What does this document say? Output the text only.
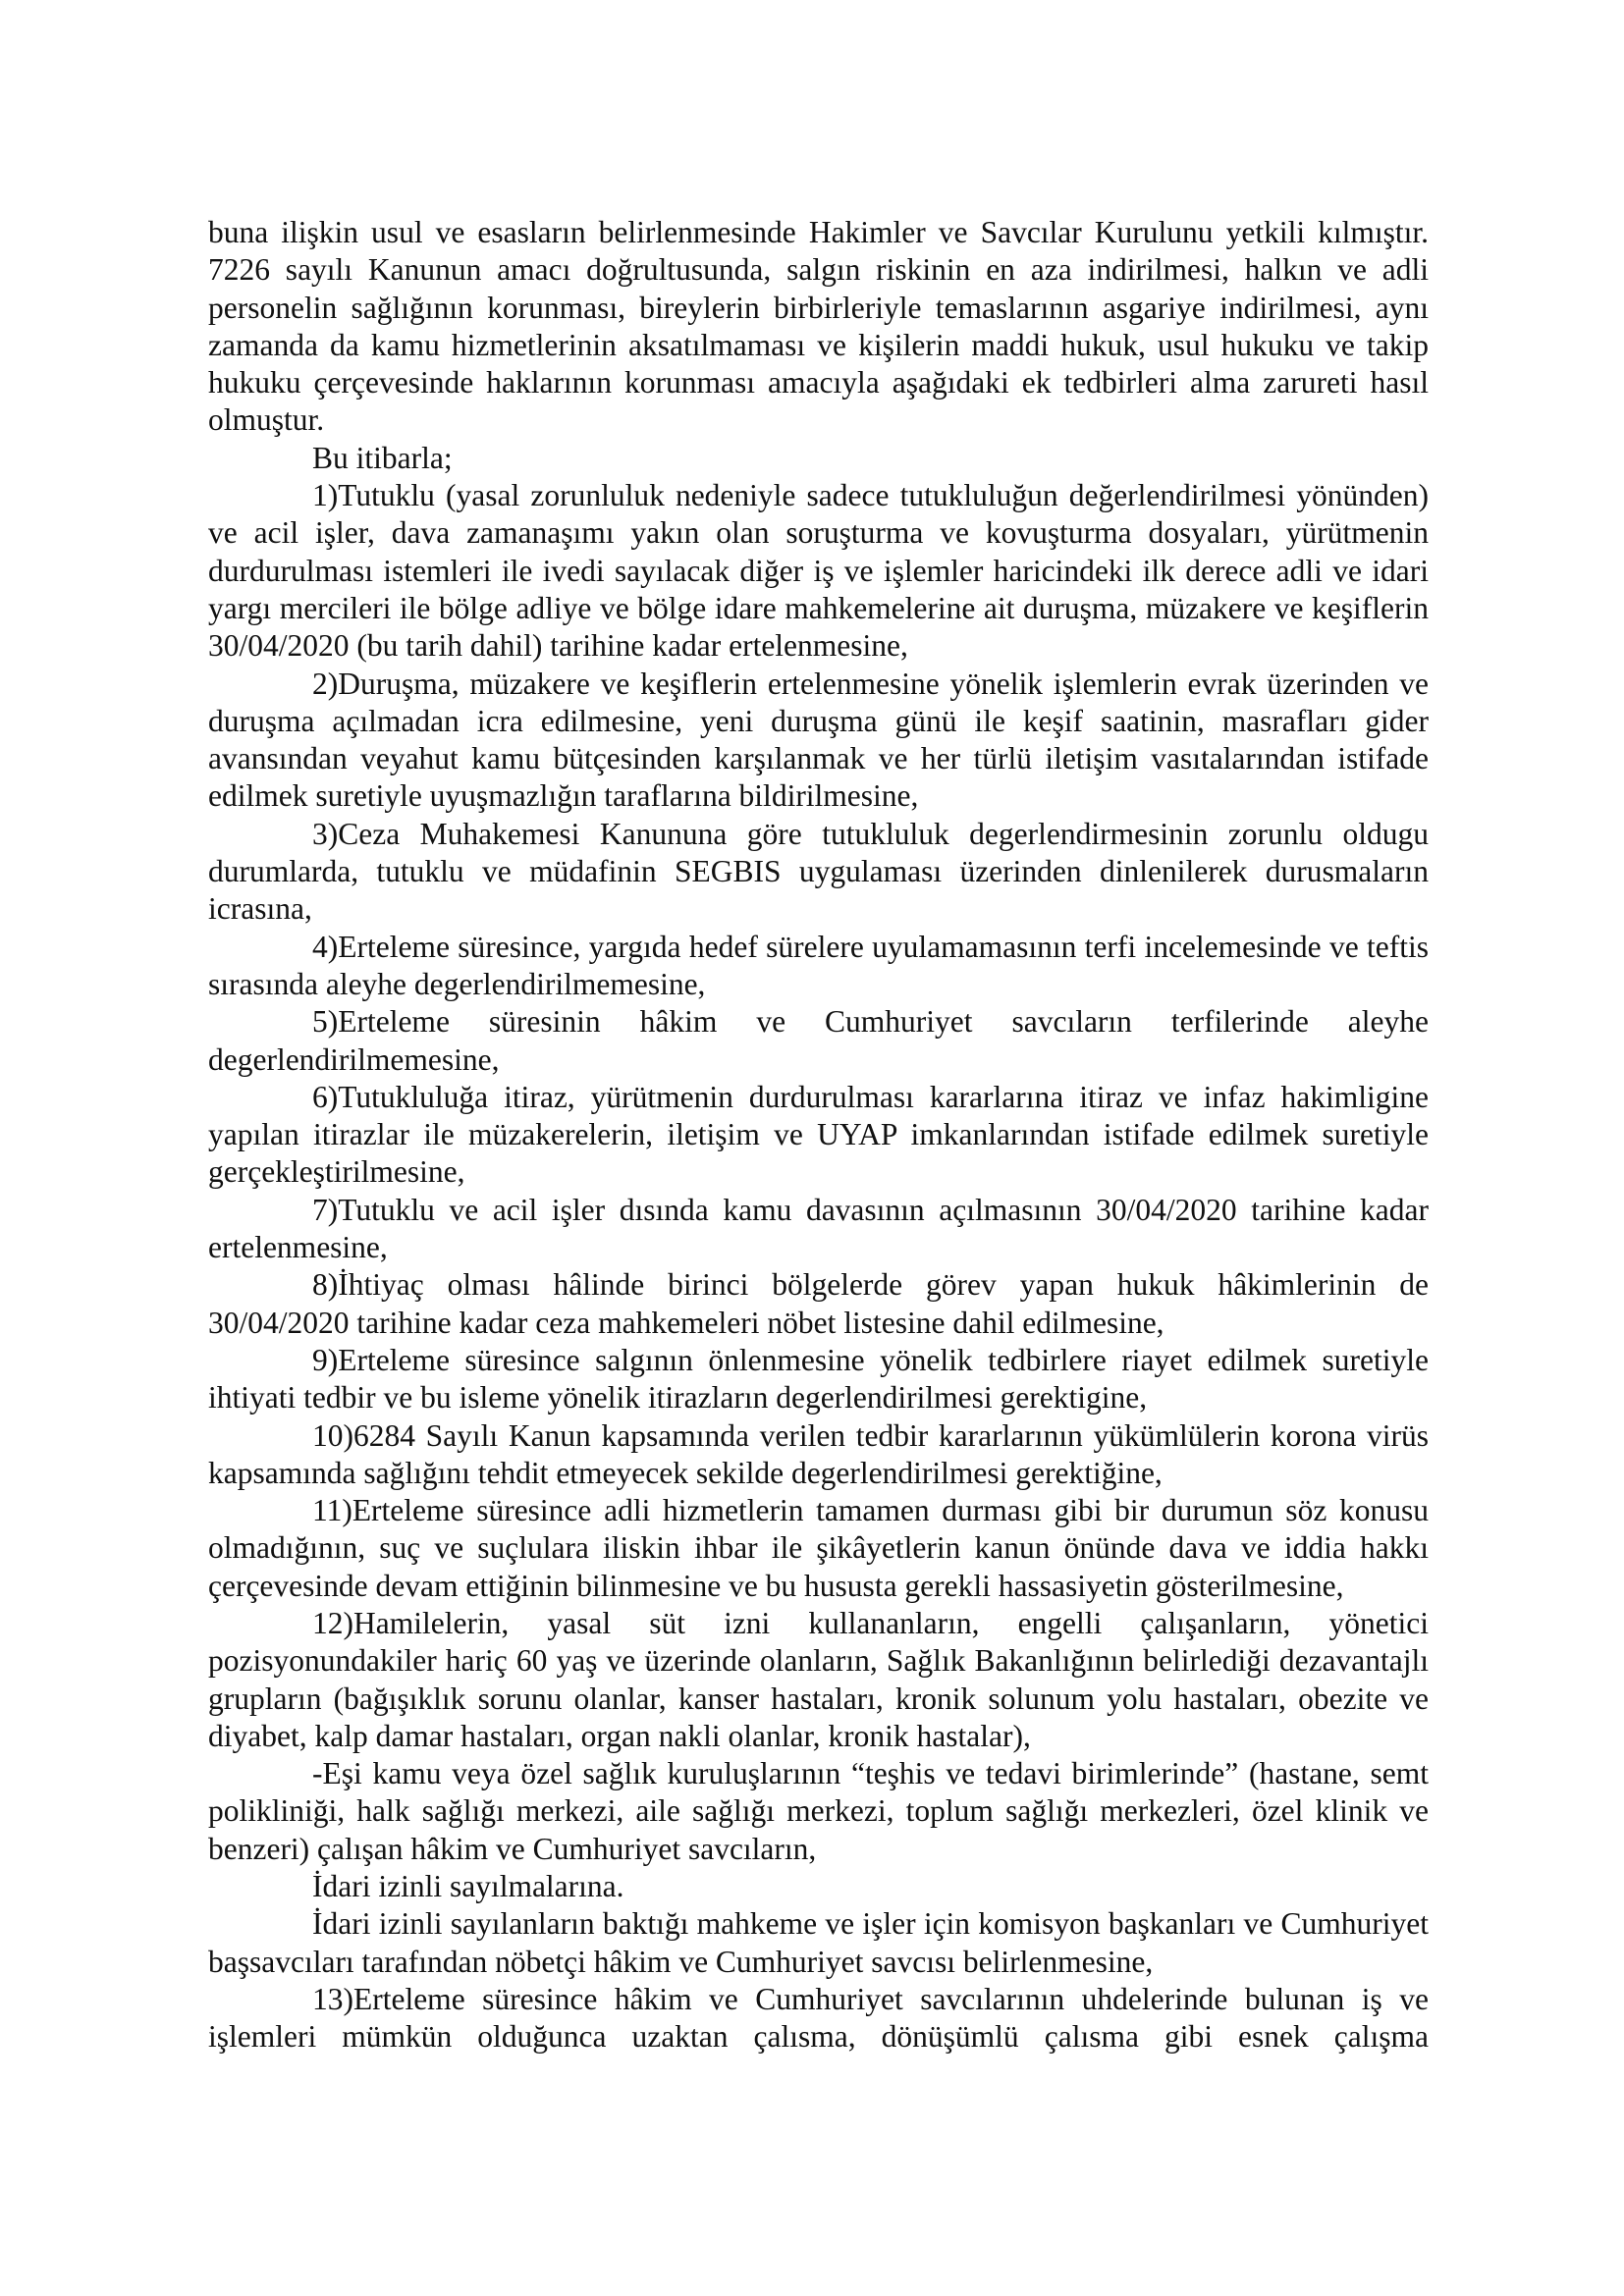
buna ilişkin usul ve esasların belirlenmesinde Hakimler ve Savcılar Kurulunu yetkili kılmıştır. 7226 sayılı Kanunun amacı doğrultusunda, salgın riskinin en aza indirilmesi, halkın ve adli personelin sağlığının korunması, bireylerin birbirleriyle temaslarının asgariye indirilmesi, aynı zamanda da kamu hizmetlerinin aksatılmaması ve kişilerin maddi hukuk, usul hukuku ve takip hukuku çerçevesinde haklarının korunması amacıyla aşağıdaki ek tedbirleri alma zarureti hasıl olmuştur.

Bu itibarla;

1)Tutuklu (yasal zorunluluk nedeniyle sadece tutukluluğun değerlendirilmesi yönünden) ve acil işler, dava zamanaşımı yakın olan soruşturma ve kovuşturma dosyaları, yürütmenin durdurulması istemleri ile ivedi sayılacak diğer iş ve işlemler haricindeki ilk derece adli ve idari yargı mercileri ile bölge adliye ve bölge idare mahkemelerine ait duruşma, müzakere ve keşiflerin 30/04/2020 (bu tarih dahil) tarihine kadar ertelenmesine,

2)Duruşma, müzakere ve keşiflerin ertelenmesine yönelik işlemlerin evrak üzerinden ve duruşma açılmadan icra edilmesine, yeni duruşma günü ile keşif saatinin, masrafları gider avansından veyahut kamu bütçesinden karşılanmak ve her türlü iletişim vasıtalarından istifade edilmek suretiyle uyuşmazlığın taraflarına bildirilmesine,

3)Ceza Muhakemesi Kanununa göre tutukluluk degerlendirmesinin zorunlu oldugu durumlarda, tutuklu ve müdafinin SEGBIS uygulaması üzerinden dinlenilerek durusmaların icrasına,

4)Erteleme süresince, yargıda hedef sürelere uyulamamasının terfi incelemesinde ve teftis sırasında aleyhe degerlendirilmemesine,

5)Erteleme süresinin hâkim ve Cumhuriyet savcıların terfilerinde aleyhe degerlendirilmemesine,

6)Tutukluluğa itiraz, yürütmenin durdurulması kararlarına itiraz ve infaz hakimligine yapılan itirazlar ile müzakerelerin, iletişim ve UYAP imkanlarından istifade edilmek suretiyle gerçekleştirilmesine,

7)Tutuklu ve acil işler dısında kamu davasının açılmasının 30/04/2020 tarihine kadar ertelenmesine,

8)İhtiyaç olması hâlinde birinci bölgelerde görev yapan hukuk hâkimlerinin de 30/04/2020 tarihine kadar ceza mahkemeleri nöbet listesine dahil edilmesine,

9)Erteleme süresince salgının önlenmesine yönelik tedbirlere riayet edilmek suretiyle ihtiyati tedbir ve bu isleme yönelik itirazların degerlendirilmesi gerektigine,

10)6284 Sayılı Kanun kapsamında verilen tedbir kararlarının yükümlülerin korona virüs kapsamında sağlığını tehdit etmeyecek sekilde degerlendirilmesi gerektiğine,

11)Erteleme süresince adli hizmetlerin tamamen durması gibi bir durumun söz konusu olmadığının, suç ve suçlulara iliskin ihbar ile şikâyetlerin kanun önünde dava ve iddia hakkı çerçevesinde devam ettiğinin bilinmesine ve bu hususta gerekli hassasiyetin gösterilmesine,

12)Hamilelerin, yasal süt izni kullananların, engelli çalışanların, yönetici pozisyonundakiler hariç 60 yaş ve üzerinde olanların, Sağlık Bakanlığının belirlediği dezavantajlı grupların (bağışıklık sorunu olanlar, kanser hastaları, kronik solunum yolu hastaları, obezite ve diyabet, kalp damar hastaları, organ nakli olanlar, kronik hastalar),

-Eşi kamu veya özel sağlık kuruluşlarının “teşhis ve tedavi birimlerinde” (hastane, semt polikliniği, halk sağlığı merkezi, aile sağlığı merkezi, toplum sağlığı merkezleri, özel klinik ve benzeri) çalışan hâkim ve Cumhuriyet savcıların,

İdari izinli sayılmalarına.

İdari izinli sayılanların baktığı mahkeme ve işler için komisyon başkanları ve Cumhuriyet başsavcıları tarafından nöbetçi hâkim ve Cumhuriyet savcısı belirlenmesine,

13)Erteleme süresince hâkim ve Cumhuriyet savcılarının uhdelerinde bulunan iş ve işlemleri mümkün olduğunca uzaktan çalısma, dönüşümlü çalısma gibi esnek çalışma
